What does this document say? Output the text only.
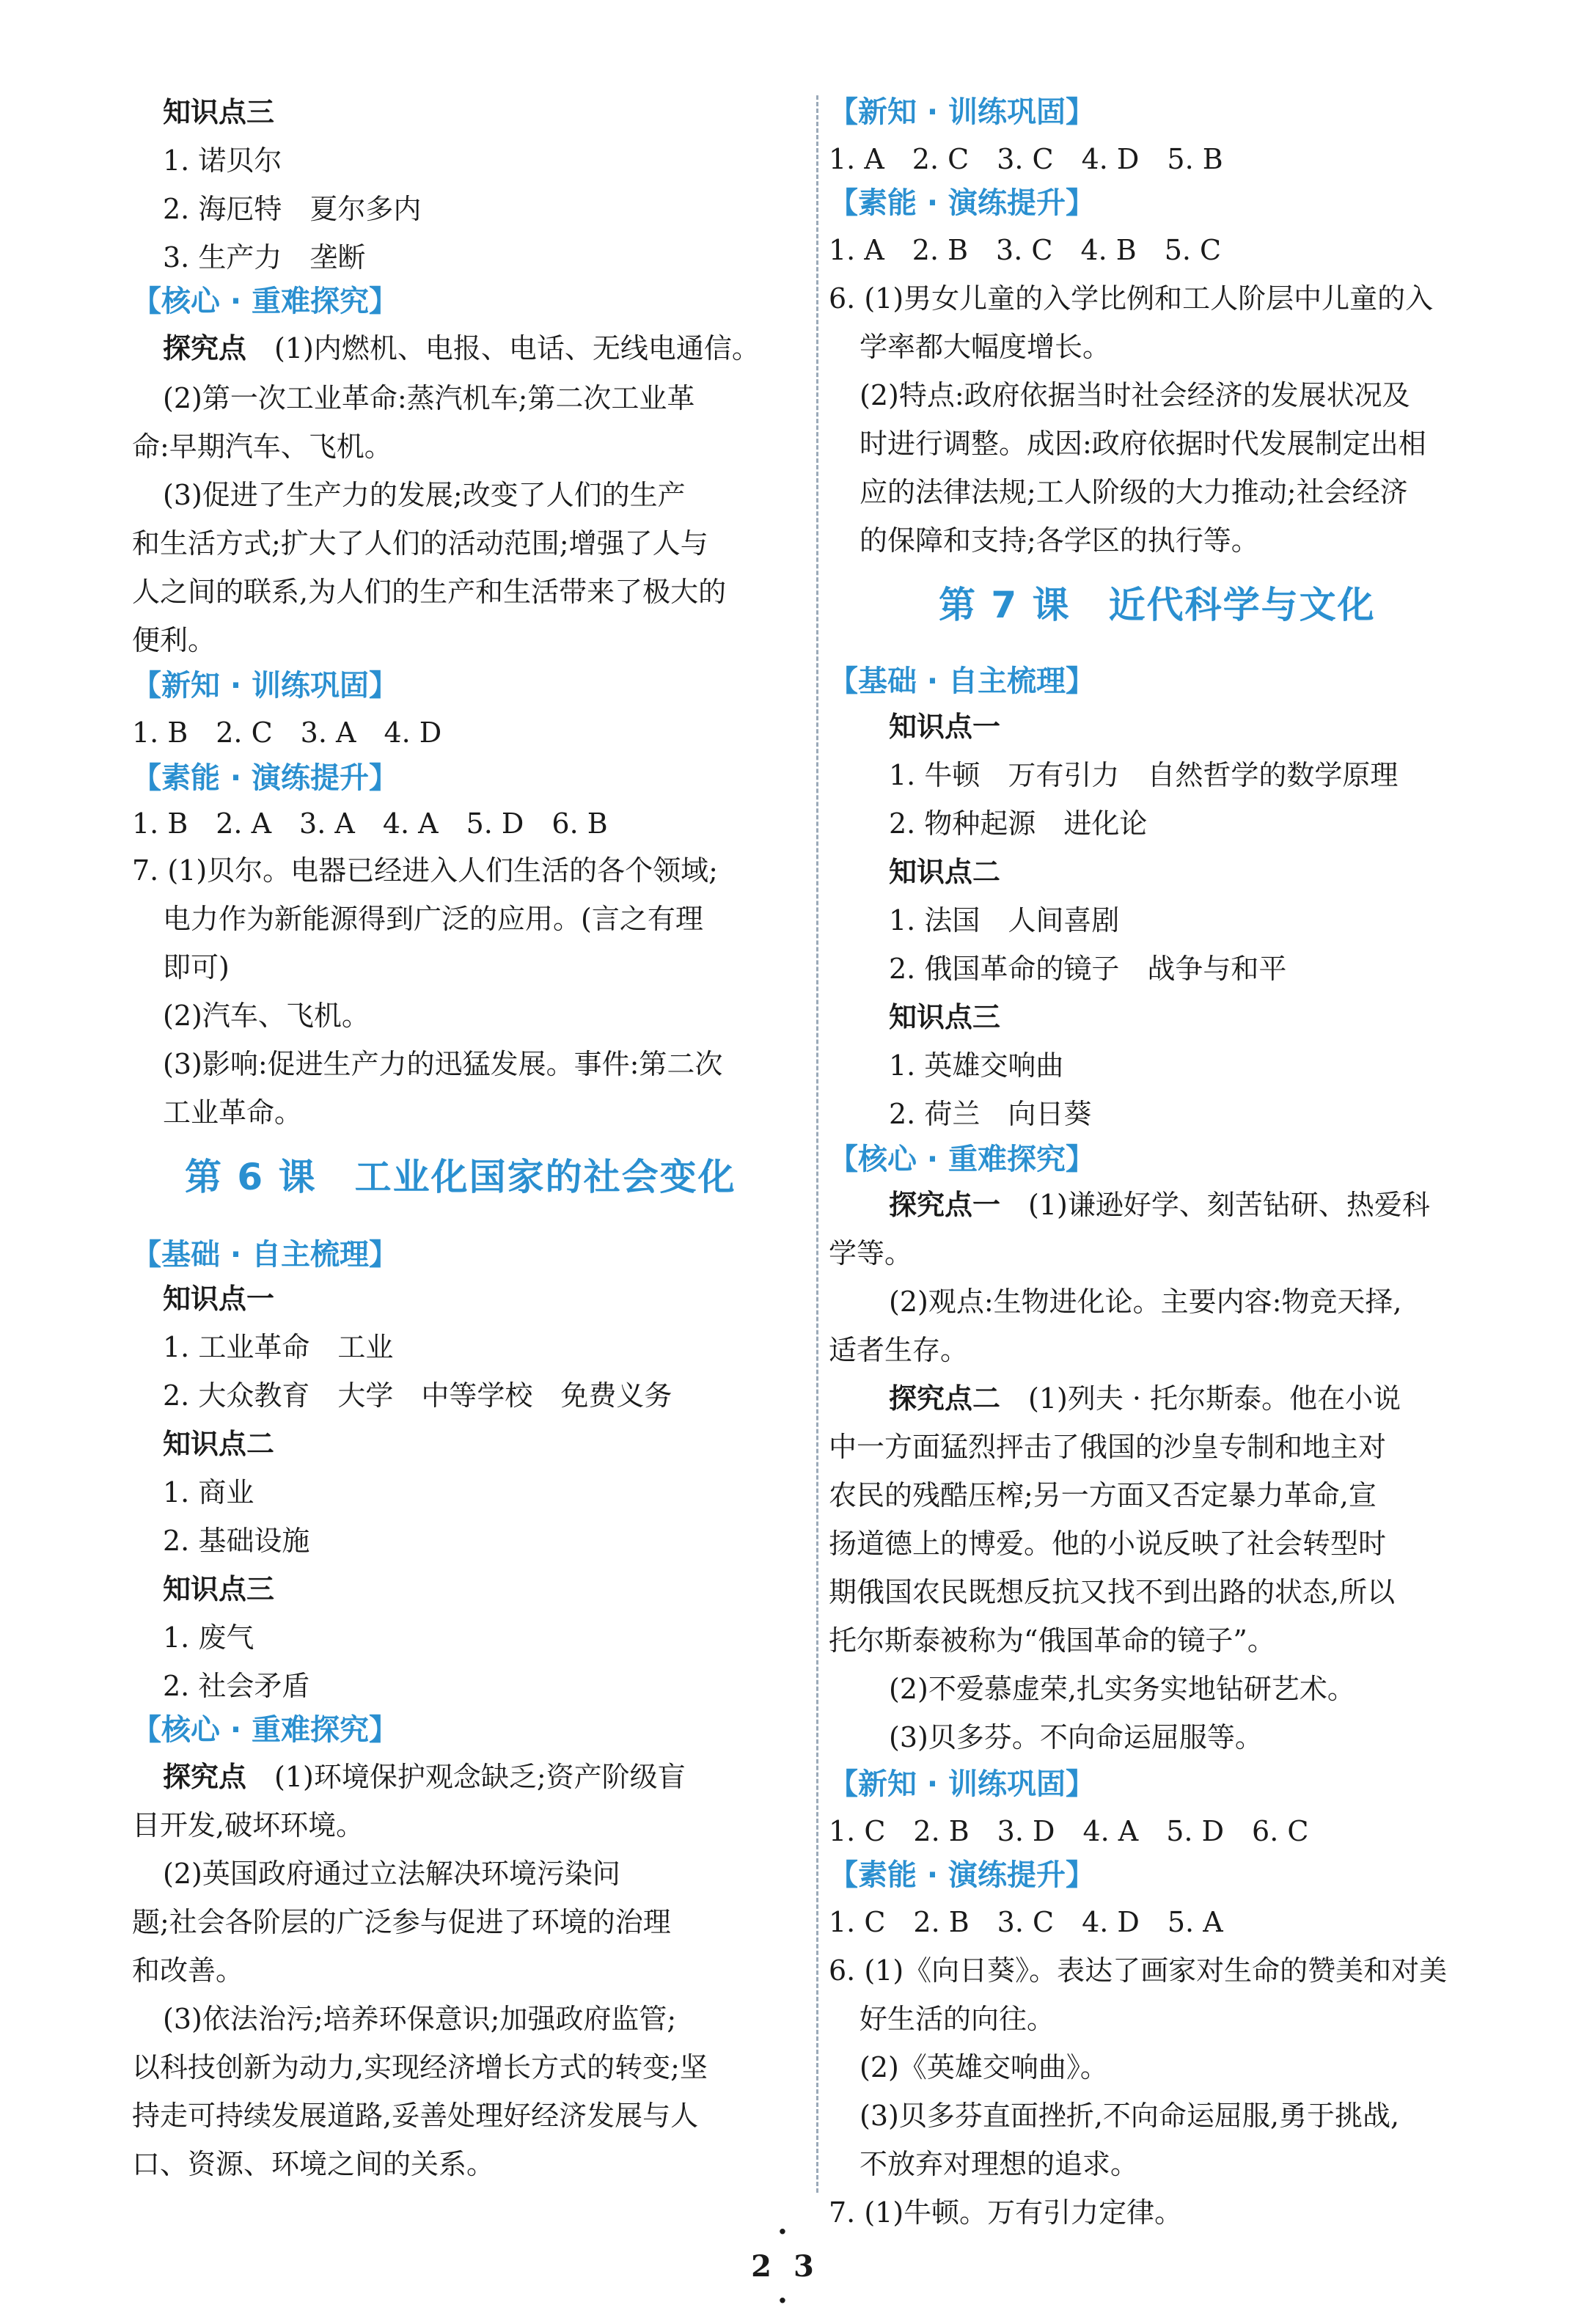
知识点三
1. 诺贝尔
2. 海厄特　夏尔多内
3. 生产力　垄断
【核心 · 重难探究】
探究点　(1)内燃机、电报、电话、无线电通信。
(2)第一次工业革命:蒸汽机车;第二次工业革
命:早期汽车、飞机。
(3)促进了生产力的发展;改变了人们的生产
和生活方式;扩大了人们的活动范围;增强了人与
人之间的联系,为人们的生产和生活带来了极大的
便利。
【新知 · 训练巩固】
1. B　2. C　3. A　4. D
【素能 · 演练提升】
1. B　2. A　3. A　4. A　5. D　6. B
7. (1)贝尔。电器已经进入人们生活的各个领域;
电力作为新能源得到广泛的应用。(言之有理
即可)
(2)汽车、飞机。
(3)影响:促进生产力的迅猛发展。事件:第二次
工业革命。
第 6 课　工业化国家的社会变化
【基础 · 自主梳理】
知识点一
1. 工业革命　工业
2. 大众教育　大学　中等学校　免费义务
知识点二
1. 商业
2. 基础设施
知识点三
1. 废气
2. 社会矛盾
【核心 · 重难探究】
探究点　(1)环境保护观念缺乏;资产阶级盲
目开发,破坏环境。
(2)英国政府通过立法解决环境污染问
题;社会各阶层的广泛参与促进了环境的治理
和改善。
(3)依法治污;培养环保意识;加强政府监管;
以科技创新为动力,实现经济增长方式的转变;坚
持走可持续发展道路,妥善处理好经济发展与人
口、资源、环境之间的关系。
【新知 · 训练巩固】
1. A　2. C　3. C　4. D　5. B
【素能 · 演练提升】
1. A　2. B　3. C　4. B　5. C
6. (1)男女儿童的入学比例和工人阶层中儿童的入
学率都大幅度增长。
(2)特点:政府依据当时社会经济的发展状况及
时进行调整。成因:政府依据时代发展制定出相
应的法律法规;工人阶级的大力推动;社会经济
的保障和支持;各学区的执行等。
第 7 课　近代科学与文化
【基础 · 自主梳理】
知识点一
1. 牛顿　万有引力　自然哲学的数学原理
2. 物种起源　进化论
知识点二
1. 法国　人间喜剧
2. 俄国革命的镜子　战争与和平
知识点三
1. 英雄交响曲
2. 荷兰　向日葵
【核心 · 重难探究】
探究点一　(1)谦逊好学、刻苦钻研、热爱科
学等。
(2)观点:生物进化论。主要内容:物竞天择,
适者生存。
探究点二　(1)列夫 · 托尔斯泰。他在小说
中一方面猛烈抨击了俄国的沙皇专制和地主对
农民的残酷压榨;另一方面又否定暴力革命,宣
扬道德上的博爱。他的小说反映了社会转型时
期俄国农民既想反抗又找不到出路的状态,所以
托尔斯泰被称为“俄国革命的镜子”。
(2)不爱慕虚荣,扎实务实地钻研艺术。
(3)贝多芬。不向命运屈服等。
【新知 · 训练巩固】
1. C　2. B　3. D　4. A　5. D　6. C
【素能 · 演练提升】
1. C　2. B　3. C　4. D　5. A
6. (1)《向日葵》。表达了画家对生命的赞美和对美
好生活的向往。
(2)《英雄交响曲》。
(3)贝多芬直面挫折,不向命运屈服,勇于挑战,
不放弃对理想的追求。
7. (1)牛顿。万有引力定律。
· 23 ·
